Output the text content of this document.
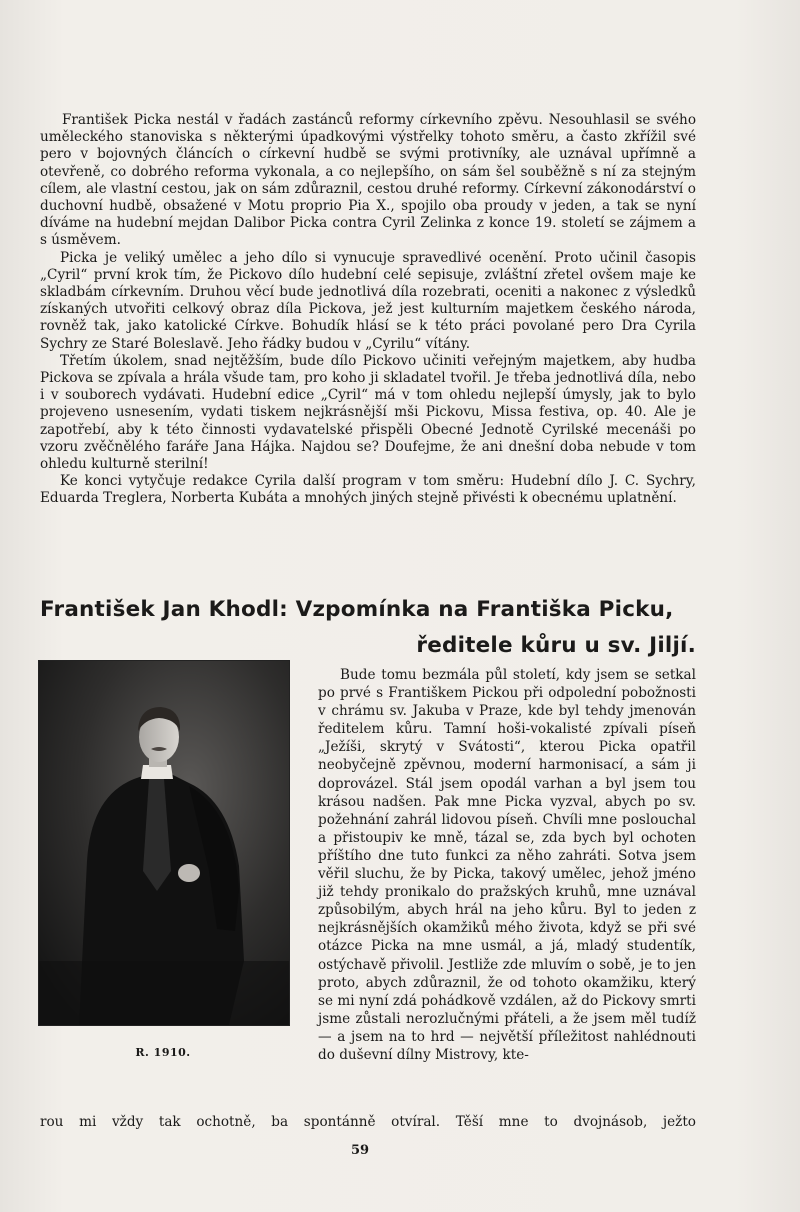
František Picka nestál v řadách zastánců reformy církevního zpěvu. Nesouhlasil se svého uměleckého stanoviska s některými úpadkovými výstřelky tohoto směru, a často zkřížil své pero v bojovných článcích o církevní hudbě se svými protivníky, ale uznával upřímně a otevřeně, co dobrého reforma vykonala, a co nejlepšího, on sám šel souběžně s ní za stejným cílem, ale vlastní cestou, jak on sám zdůraznil, cestou druhé reformy. Církevní zákonodárství o duchovní hudbě, obsažené v Motu proprio Pia X., spojilo oba proudy v jeden, a tak se nyní díváme na hudební mejdan Dalibor Picka contra Cyril Zelinka z konce 19. století se zájmem a s úsměvem.

Picka je veliký umělec a jeho dílo si vynucuje spravedlivé ocenění. Proto učinil časopis „Cyril“ první krok tím, že Pickovo dílo hudební celé sepisuje, zvláštní zřetel ovšem maje ke skladbám církevním. Druhou věcí bude jednotlivá díla rozebrati, oceniti a nakonec z výsledků získaných utvořiti celkový obraz díla Pickova, jež jest kulturním majetkem českého národa, rovněž tak, jako katolické Církve. Bohudík hlásí se k této práci povolané pero Dra Cyrila Sychry ze Staré Boleslavě. Jeho řádky budou v „Cyrilu“ vítány.

Třetím úkolem, snad nejtěžším, bude dílo Pickovo učiniti veřejným majetkem, aby hudba Pickova se zpívala a hrála všude tam, pro koho ji skladatel tvořil. Je třeba jednotlivá díla, nebo i v souborech vydávati. Hudební edice „Cyril“ má v tom ohledu nejlepší úmysly, jak to bylo projeveno usnesením, vydati tiskem nejkrásnější mši Pickovu, Missa festiva, op. 40. Ale je zapotřebí, aby k této činnosti vydavatelské přispěli Obecné Jednotě Cyrilské mecenáši po vzoru zvěčnělého faráře Jana Hájka. Najdou se? Doufejme, že ani dnešní doba nebude v tom ohledu kulturně sterilní!

Ke konci vytyčuje redakce Cyrila další program v tom směru: Hudební dílo J. C. Sychry, Eduarda Treglera, Norberta Kubáta a mnohých jiných stejně přivésti k obecnému uplatnění.

František Jan Khodl: Vzpomínka na Františka Picku,
ředitele kůru u sv. Jiljí.
R. 1910.

Bude tomu bezmála půl století, kdy jsem se setkal po prvé s Františkem Pickou při odpolední pobožnosti v chrámu sv. Jakuba v Praze, kde byl tehdy jmenován ředitelem kůru. Tamní hoši-vokalisté zpívali píseň „Ježíši, skrytý v Svátosti“, kterou Picka opatřil neobyčejně zpěvnou, moderní harmonisací, a sám ji doprovázel. Stál jsem opodál varhan a byl jsem tou krásou nadšen. Pak mne Picka vyzval, abych po sv. požehnání zahrál lidovou píseň. Chvíli mne poslouchal a přistoupiv ke mně, tázal se, zda bych byl ochoten příštího dne tuto funkci za něho zahráti. Sotva jsem věřil sluchu, že by Picka, takový umělec, jehož jméno již tehdy pronikalo do pražských kruhů, mne uznával způsobilým, abych hrál na jeho kůru. Byl to jeden z nejkrásnějších okamžiků mého života, když se při své otázce Picka na mne usmál, a já, mladý studentík, ostýchavě přivolil. Jestliže zde mluvím o sobě, je to jen proto, abych zdůraznil, že od tohoto okamžiku, který se mi nyní zdá pohádkově vzdálen, až do Pickovy smrti jsme zůstali nerozlučnými přáteli, a že jsem měl tudíž — a jsem na to hrd — největší příležitost nahlédnouti do duševní dílny Mistrovy, kte-

rou mi vždy tak ochotně, ba spontánně otvíral. Těší mne to dvojnásob, ježto
59
